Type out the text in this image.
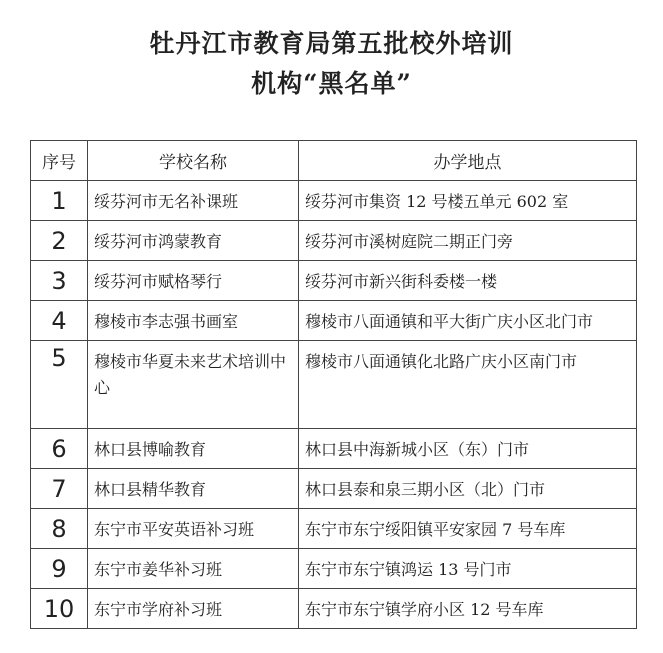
牡丹江市教育局第五批校外培训
机构“黑名单”
序号	学校名称	办学地点
1	绥芬河市无名补课班	绥芬河市集资 12 号楼五单元 602 室
2	绥芬河市鸿蒙教育	绥芬河市溪树庭院二期正门旁
3	绥芬河市赋格琴行	绥芬河市新兴街科委楼一楼
4	穆棱市李志强书画室	穆棱市八面通镇和平大街广庆小区北门市
5	穆棱市华夏未来艺术培训中心	穆棱市八面通镇化北路广庆小区南门市
6	林口县博喻教育	林口县中海新城小区（东）门市
7	林口县精华教育	林口县泰和泉三期小区（北）门市
8	东宁市平安英语补习班	东宁市东宁绥阳镇平安家园 7 号车库
9	东宁市姜华补习班	东宁市东宁镇鸿运 13 号门市
10	东宁市学府补习班	东宁市东宁镇学府小区 12 号车库
